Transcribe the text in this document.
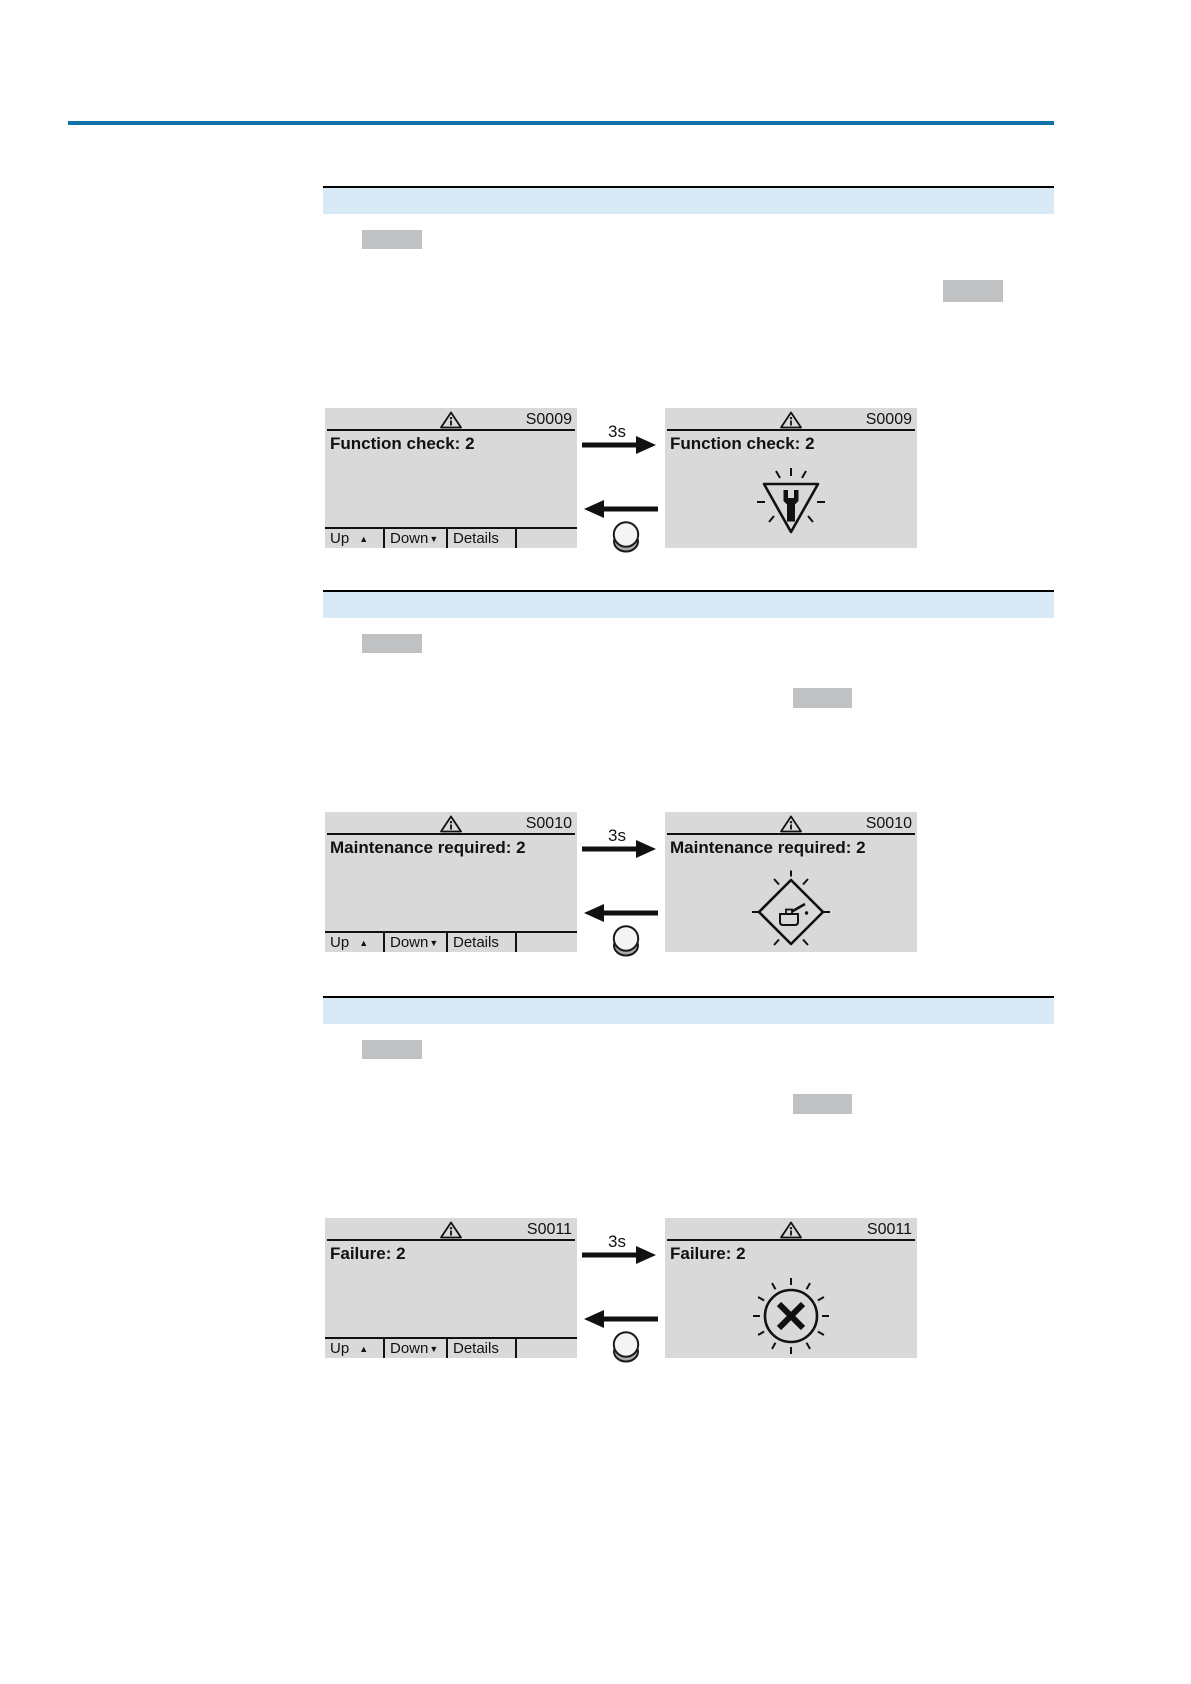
S0009
Function check: 2
Up ▲ Down ▼ Details
3s
S0009
Function check: 2
S0010
Maintenance required: 2
Up ▲ Down ▼ Details
3s
S0010
Maintenance required: 2
S0011
Failure: 2
Up ▲ Down ▼ Details
3s
S0011
Failure: 2
